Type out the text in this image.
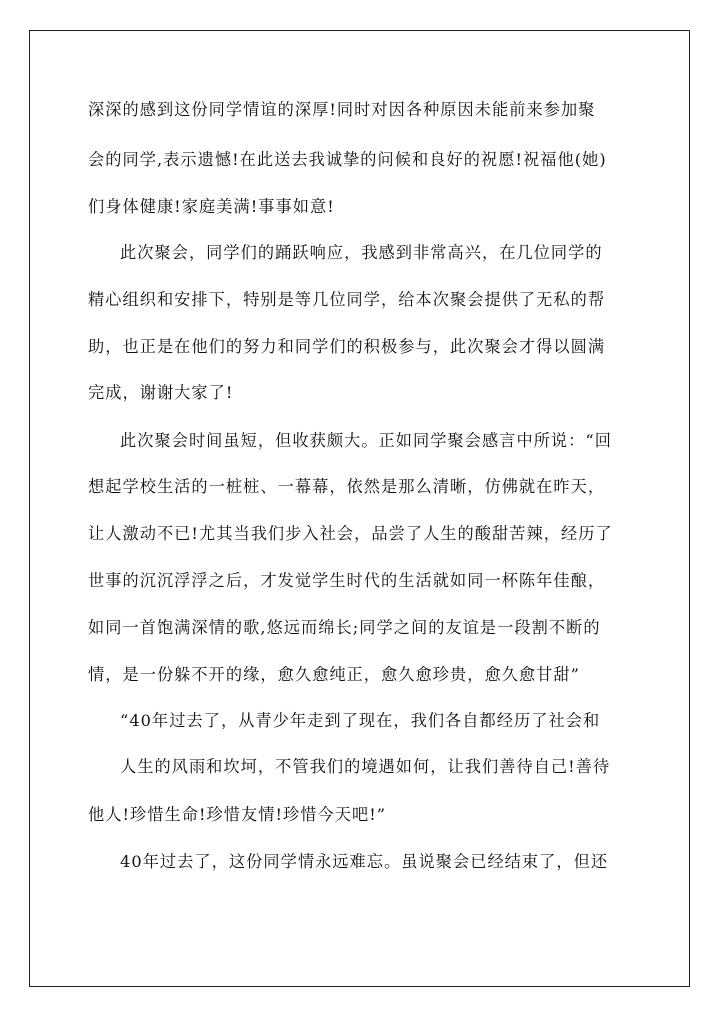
深深的感到这份同学情谊的深厚!同时对因各种原因未能前来参加聚
会的同学,表示遗憾!在此送去我诚挚的问候和良好的祝愿!祝福他(她)
们身体健康!家庭美满!事事如意!
此次聚会，同学们的踊跃响应，我感到非常高兴，在几位同学的
精心组织和安排下，特别是等几位同学，给本次聚会提供了无私的帮
助，也正是在他们的努力和同学们的积极参与，此次聚会才得以圆满
完成，谢谢大家了!
此次聚会时间虽短，但收获颇大。正如同学聚会感言中所说：“回
想起学校生活的一桩桩、一幕幕，依然是那么清晰，仿佛就在昨天，
让人激动不已!尤其当我们步入社会，品尝了人生的酸甜苦辣，经历了
世事的沉沉浮浮之后，才发觉学生时代的生活就如同一杯陈年佳酿，
如同一首饱满深情的歌,悠远而绵长;同学之间的友谊是一段割不断的
情，是一份躲不开的缘，愈久愈纯正，愈久愈珍贵，愈久愈甘甜”
“40年过去了，从青少年走到了现在，我们各自都经历了社会和
人生的风雨和坎坷，不管我们的境遇如何，让我们善待自己!善待
他人!珍惜生命!珍惜友情!珍惜今天吧!”
40年过去了，这份同学情永远难忘。虽说聚会已经结束了，但还
